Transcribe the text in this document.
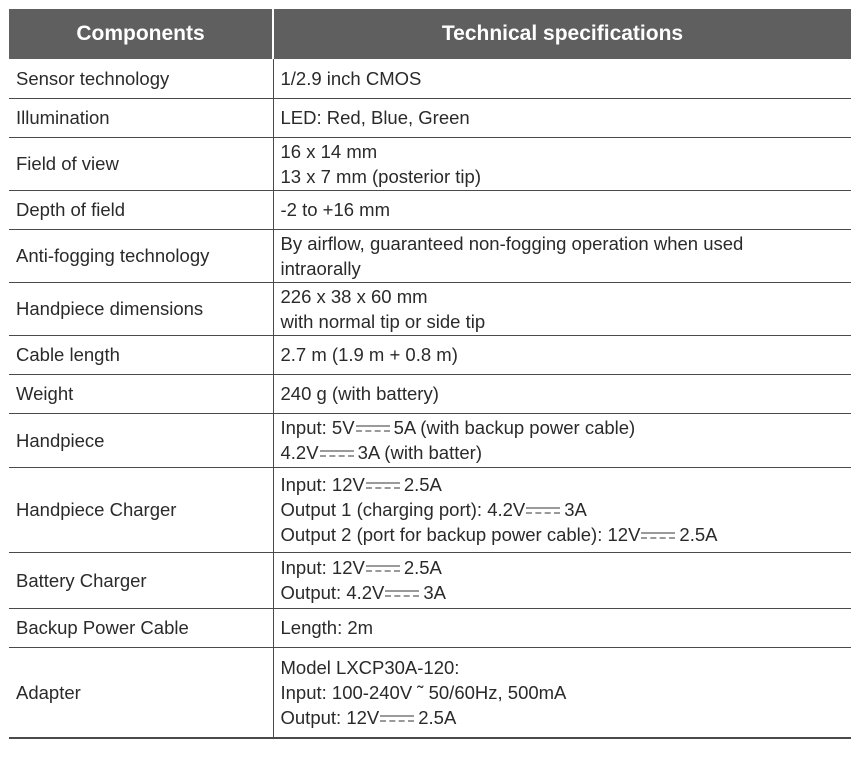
Components	Technical specifications
Sensor technology	1/2.9 inch CMOS

Illumination	LED: Red, Blue, Green

Field of view	16 x 14 mm
13 x 7 mm (posterior tip)

Depth of field	-2 to +16 mm

Anti-fogging technology	By airflow, guaranteed non-fogging operation when used
intraorally

Handpiece dimensions	226 x 38 x 60 mm
with normal tip or side tip

Cable length	2.7 m (1.9 m + 0.8 m)

Weight	240 g (with battery)

Handpiece	Input: 5V 5A (with backup power cable)
4.2V 3A (with batter)

Handpiece Charger	Input: 12V 2.5A
Output 1 (charging port): 4.2V 3A
Output 2 (port for backup power cable): 12V 2.5A

Battery Charger	Input: 12V 2.5A
Output: 4.2V 3A

Backup Power Cable	Length: 2m

Adapter	Model LXCP30A-120:
Input: 100-240V ˜ 50/60Hz, 500mA
Output: 12V 2.5A
